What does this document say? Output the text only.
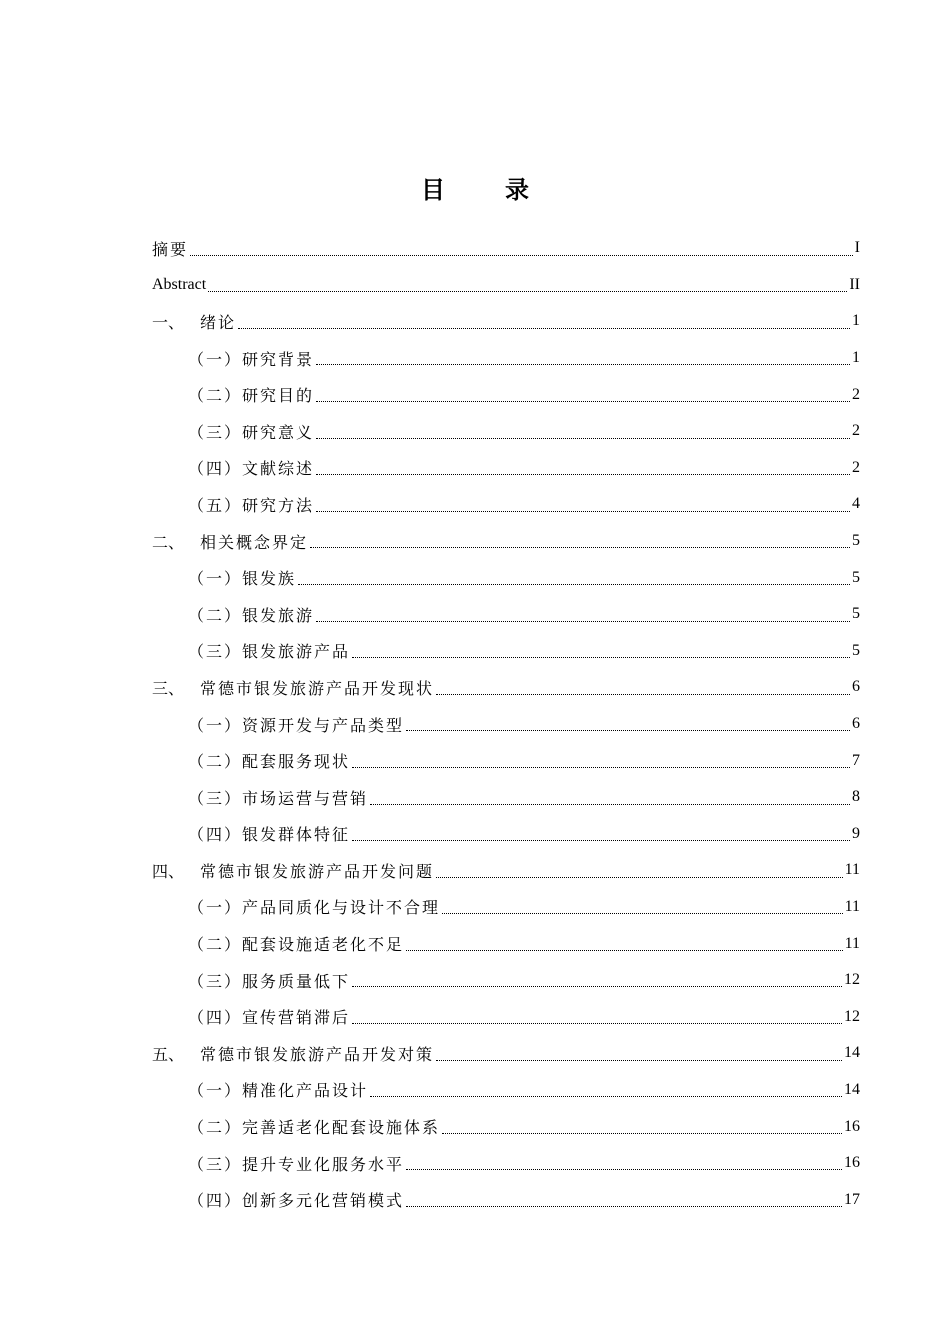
目	录
摘要	I
Abstract	II
一、 绪论	1
（一）研究背景	1
（二）研究目的	2
（三）研究意义	2
（四）文献综述	2
（五）研究方法	4
二、 相关概念界定	5
（一）银发族	5
（二）银发旅游	5
（三）银发旅游产品	5
三、 常德市银发旅游产品开发现状	6
（一）资源开发与产品类型	6
（二）配套服务现状	7
（三）市场运营与营销	8
（四）银发群体特征	9
四、 常德市银发旅游产品开发问题	11
（一）产品同质化与设计不合理	11
（二）配套设施适老化不足	11
（三）服务质量低下	12
（四）宣传营销滞后	12
五、 常德市银发旅游产品开发对策	14
（一）精准化产品设计	14
（二）完善适老化配套设施体系	16
（三）提升专业化服务水平	16
（四）创新多元化营销模式	17
